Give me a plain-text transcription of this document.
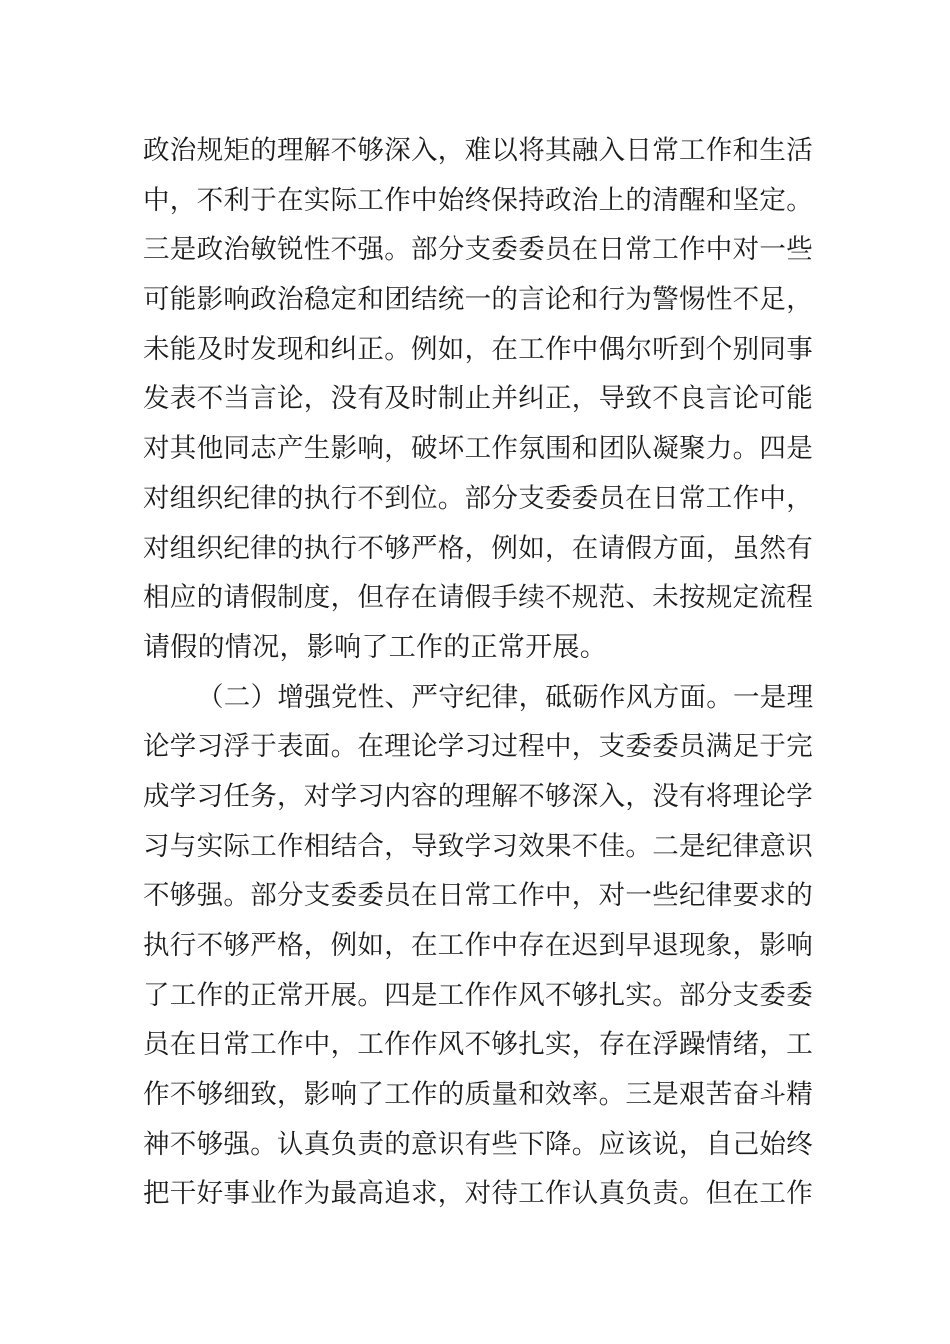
政治规矩的理解不够深入，难以将其融入日常工作和生活
中，不利于在实际工作中始终保持政治上的清醒和坚定。
三是政治敏锐性不强。部分支委委员在日常工作中对一些
可能影响政治稳定和团结统一的言论和行为警惕性不足，
未能及时发现和纠正。例如，在工作中偶尔听到个别同事
发表不当言论，没有及时制止并纠正，导致不良言论可能
对其他同志产生影响，破坏工作氛围和团队凝聚力。四是
对组织纪律的执行不到位。部分支委委员在日常工作中，
对组织纪律的执行不够严格，例如，在请假方面，虽然有
相应的请假制度，但存在请假手续不规范、未按规定流程
请假的情况，影响了工作的正常开展。
（二）增强党性、严守纪律，砥砺作风方面。一是理
论学习浮于表面。在理论学习过程中，支委委员满足于完
成学习任务，对学习内容的理解不够深入，没有将理论学
习与实际工作相结合，导致学习效果不佳。二是纪律意识
不够强。部分支委委员在日常工作中，对一些纪律要求的
执行不够严格，例如，在工作中存在迟到早退现象，影响
了工作的正常开展。四是工作作风不够扎实。部分支委委
员在日常工作中，工作作风不够扎实，存在浮躁情绪，工
作不够细致，影响了工作的质量和效率。三是艰苦奋斗精
神不够强。认真负责的意识有些下降。应该说，自己始终
把干好事业作为最高追求，对待工作认真负责。但在工作
